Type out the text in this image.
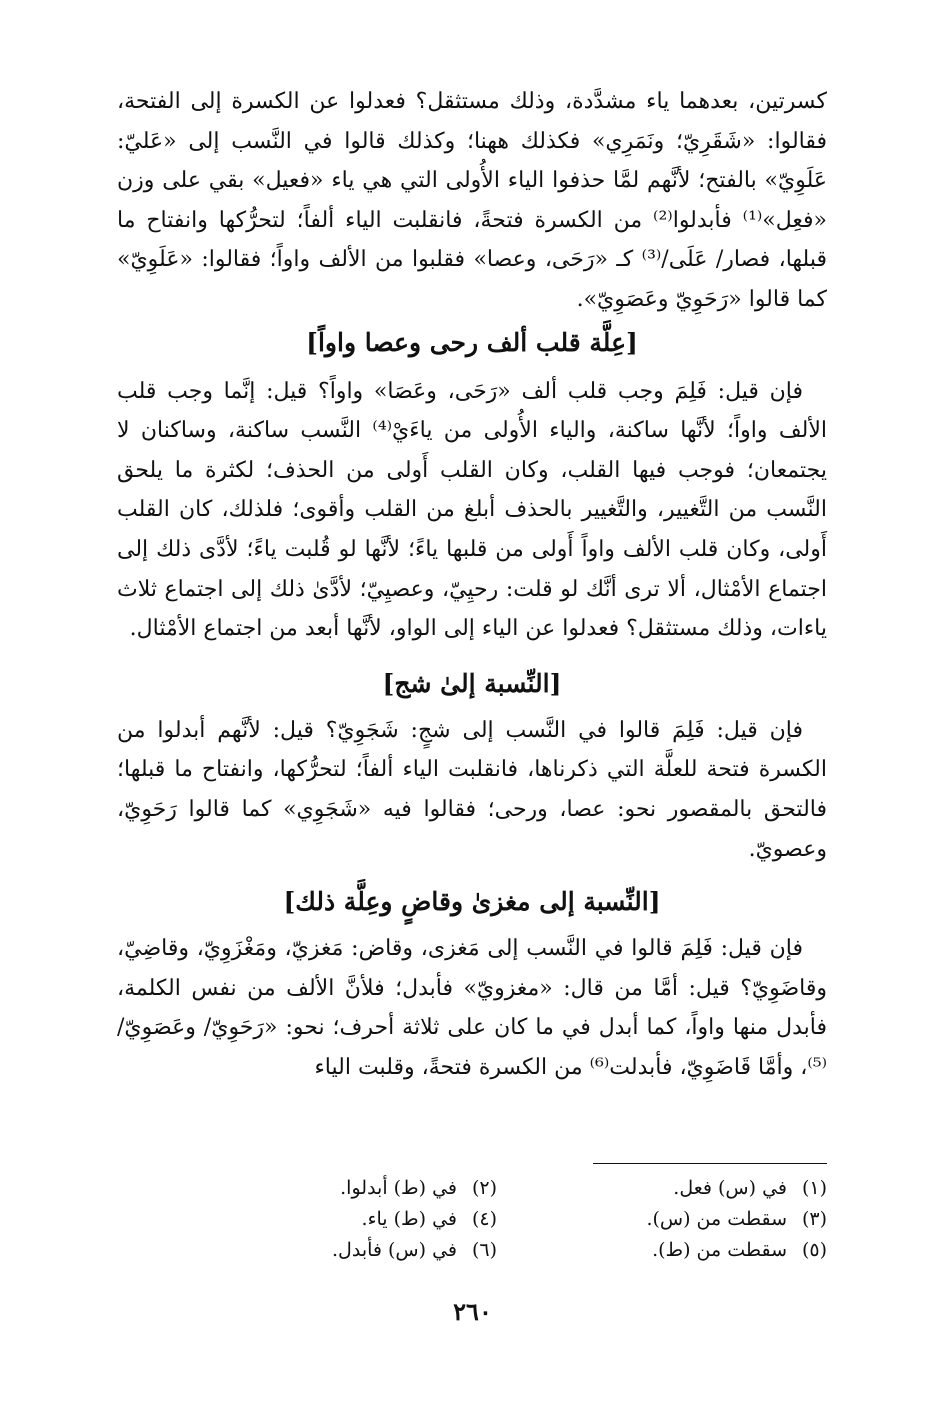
كسرتين، بعدهما ياء مشدَّدة، وذلك مستثقل؟ فعدلوا عن الكسرة إلى الفتحة، فقالوا: «شَقَرِيّ؛ ونَمَرِي» فكذلك ههنا؛ وكذلك قالوا في النَّسب إلى «عَليّ: عَلَوِيّ» بالفتح؛ لأنَّهم لمَّا حذفوا الياء الأُولى التي هي ياء «فعيل» بقي على وزن «فعِل»⁽¹⁾ فأبدلوا⁽²⁾ من الكسرة فتحةً، فانقلبت الياء ألفاً؛ لتحرُّكها وانفتاح ما قبلها، فصار/ عَلَى/⁽³⁾ كـ «رَحَى، وعصا» فقلبوا من الألف واواً؛ فقالوا: «عَلَوِيّ» كما قالوا «رَحَوِيّ وعَصَوِيّ».

[عِلَّة قلب ألف رحى وعصا واواً]

فإن قيل: فَلِمَ وجب قلب ألف «رَحَى، وعَصَا» واواً؟ قيل: إنَّما وجب قلب الألف واواً؛ لأنَّها ساكنة، والياء الأُولى من ياءَيْ⁽⁴⁾ النَّسب ساكنة، وساكنان لا يجتمعان؛ فوجب فيها القلب، وكان القلب أَولى من الحذف؛ لكثرة ما يلحق النَّسب من التَّغيير، والتَّغيير بالحذف أبلغ من القلب وأقوى؛ فلذلك، كان القلب أَولى، وكان قلب الألف واواً أَولى من قلبها ياءً؛ لأنَّها لو قُلبت ياءً؛ لأدَّى ذلك إلى اجتماع الأمْثال، ألا ترى أنَّك لو قلت: رحيِيّ، وعصيِيّ؛ لأدَّىٰ ذلك إلى اجتماع ثلاث ياءات، وذلك مستثقل؟ فعدلوا عن الياء إلى الواو، لأنَّها أبعد من اجتماع الأمْثال.

[النِّسبة إلىٰ شج]

فإن قيل: فَلِمَ قالوا في النَّسب إلى شجٍ: شَجَوِيّ؟ قيل: لأنَّهم أبدلوا من الكسرة فتحة للعلَّة التي ذكرناها، فانقلبت الياء ألفاً؛ لتحرُّكها، وانفتاح ما قبلها؛ فالتحق بالمقصور نحو: عصا، ورحى؛ فقالوا فيه «شَجَوِي» كما قالوا رَحَوِيّ، وعصويّ.

[النِّسبة إلى مغزىٰ وقاضٍ وعِلَّة ذلك]

فإن قيل: فَلِمَ قالوا في النَّسب إلى مَغزى، وقاض: مَغزيّ، ومَغْزَوِيّ، وقاضِيّ، وقاضَوِيّ؟ قيل: أمَّا من قال: «مغزويّ» فأبدل؛ فلأنَّ الألف من نفس الكلمة، فأبدل منها واواً، كما أبدل في ما كان على ثلاثة أحرف؛ نحو: «رَحَوِيّ/ وعَصَوِيّ/⁽⁵⁾، وأمَّا قَاضَوِيّ، فأبدلت⁽⁶⁾ من الكسرة فتحةً، وقلبت الياء

(١)في (س) فعل.
(٢)في (ط) أبدلوا.
(٣)سقطت من (س).
(٤)في (ط) ياء.
(٥)سقطت من (ط).
(٦)في (س) فأبدل.
٢٦٠
